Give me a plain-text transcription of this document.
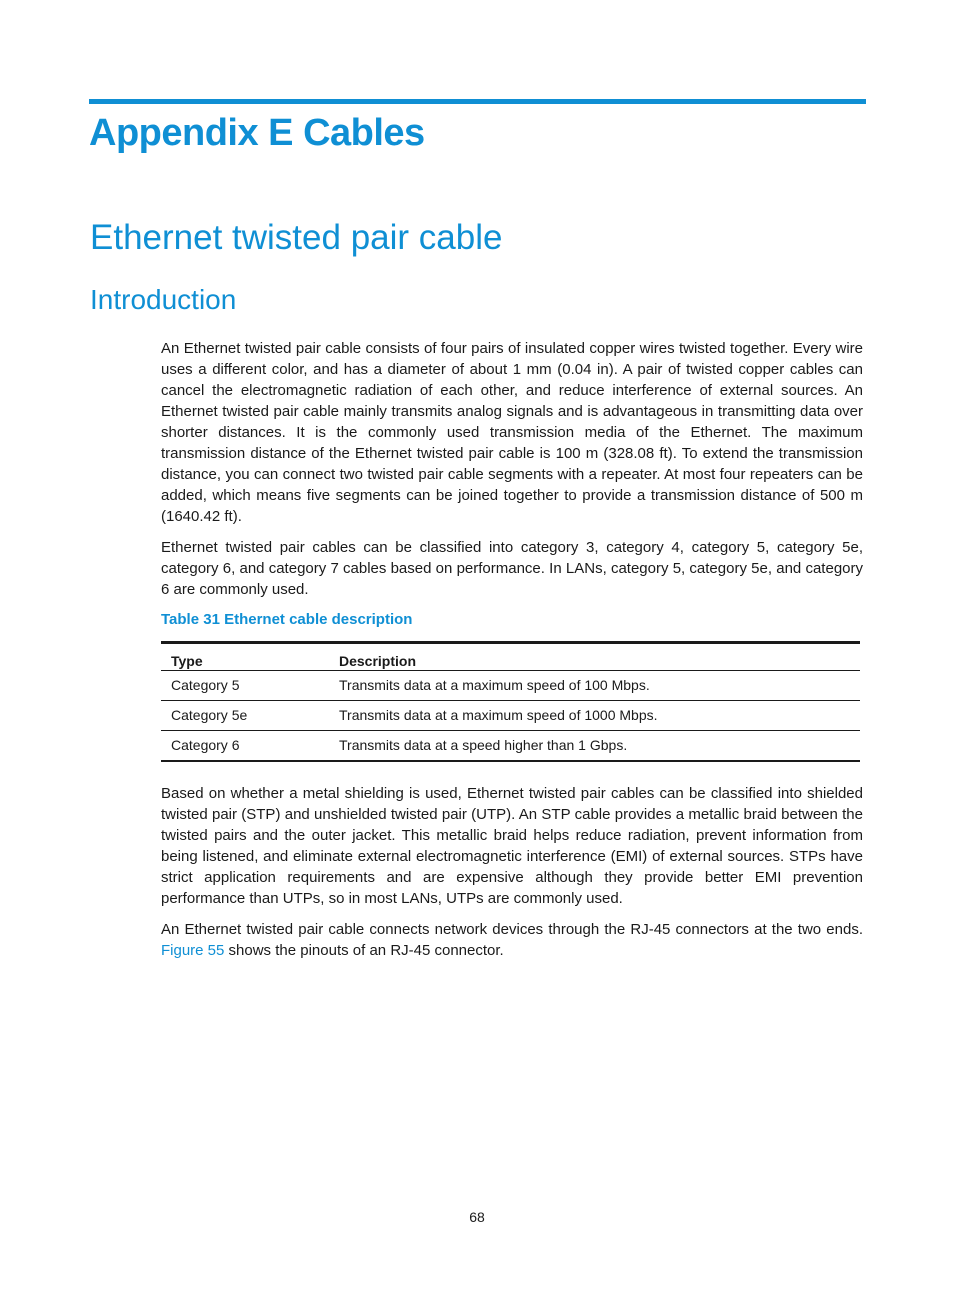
Appendix E Cables
Ethernet twisted pair cable
Introduction

An Ethernet twisted pair cable consists of four pairs of insulated copper wires twisted together. Every wire uses a different color, and has a diameter of about 1 mm (0.04 in). A pair of twisted copper cables can cancel the electromagnetic radiation of each other, and reduce interference of external sources. An Ethernet twisted pair cable mainly transmits analog signals and is advantageous in transmitting data over shorter distances. It is the commonly used transmission media of the Ethernet. The maximum transmission distance of the Ethernet twisted pair cable is 100 m (328.08 ft). To extend the transmission distance, you can connect two twisted pair cable segments with a repeater. At most four repeaters can be added, which means five segments can be joined together to provide a transmission distance of 500 m (1640.42 ft).

Ethernet twisted pair cables can be classified into category 3, category 4, category 5, category 5e, category 6, and category 7 cables based on performance. In LANs, category 5, category 5e, and category 6 are commonly used.

Table 31 Ethernet cable description

Type	Description
Category 5	Transmits data at a maximum speed of 100 Mbps.
Category 5e	Transmits data at a maximum speed of 1000 Mbps.
Category 6	Transmits data at a speed higher than 1 Gbps.

Based on whether a metal shielding is used, Ethernet twisted pair cables can be classified into shielded twisted pair (STP) and unshielded twisted pair (UTP). An STP cable provides a metallic braid between the twisted pairs and the outer jacket. This metallic braid helps reduce radiation, prevent information from being listened, and eliminate external electromagnetic interference (EMI) of external sources. STPs have strict application requirements and are expensive although they provide better EMI prevention performance than UTPs, so in most LANs, UTPs are commonly used.

An Ethernet twisted pair cable connects network devices through the RJ-45 connectors at the two ends. Figure 55 shows the pinouts of an RJ-45 connector.

68
